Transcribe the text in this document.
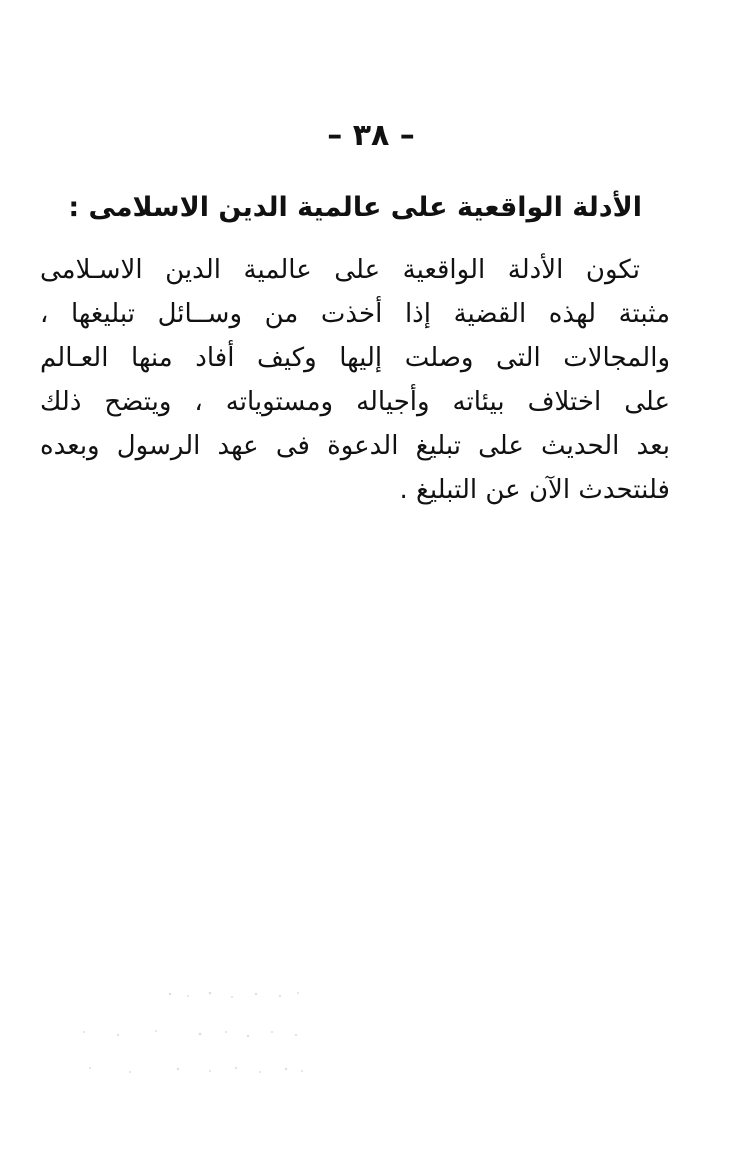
– ٣٨ –
الأدلة الواقعية على عالمية الدين الاسلامى :
تكون الأدلة الواقعية على عالمية الدين الاسـلامى
مثبتة لهذه القضية إذا أخذت من وســائل تبليغها ،
والمجالات التى وصلت إليها وكيف أفاد منها العـالم
على اختلاف بيئاته وأجياله ومستوياته ، ويتضح ذلك
بعد الحديث على تبليغ الدعوة فى عهد الرسول وبعده
فلنتحدث الآن عن التبليغ .
